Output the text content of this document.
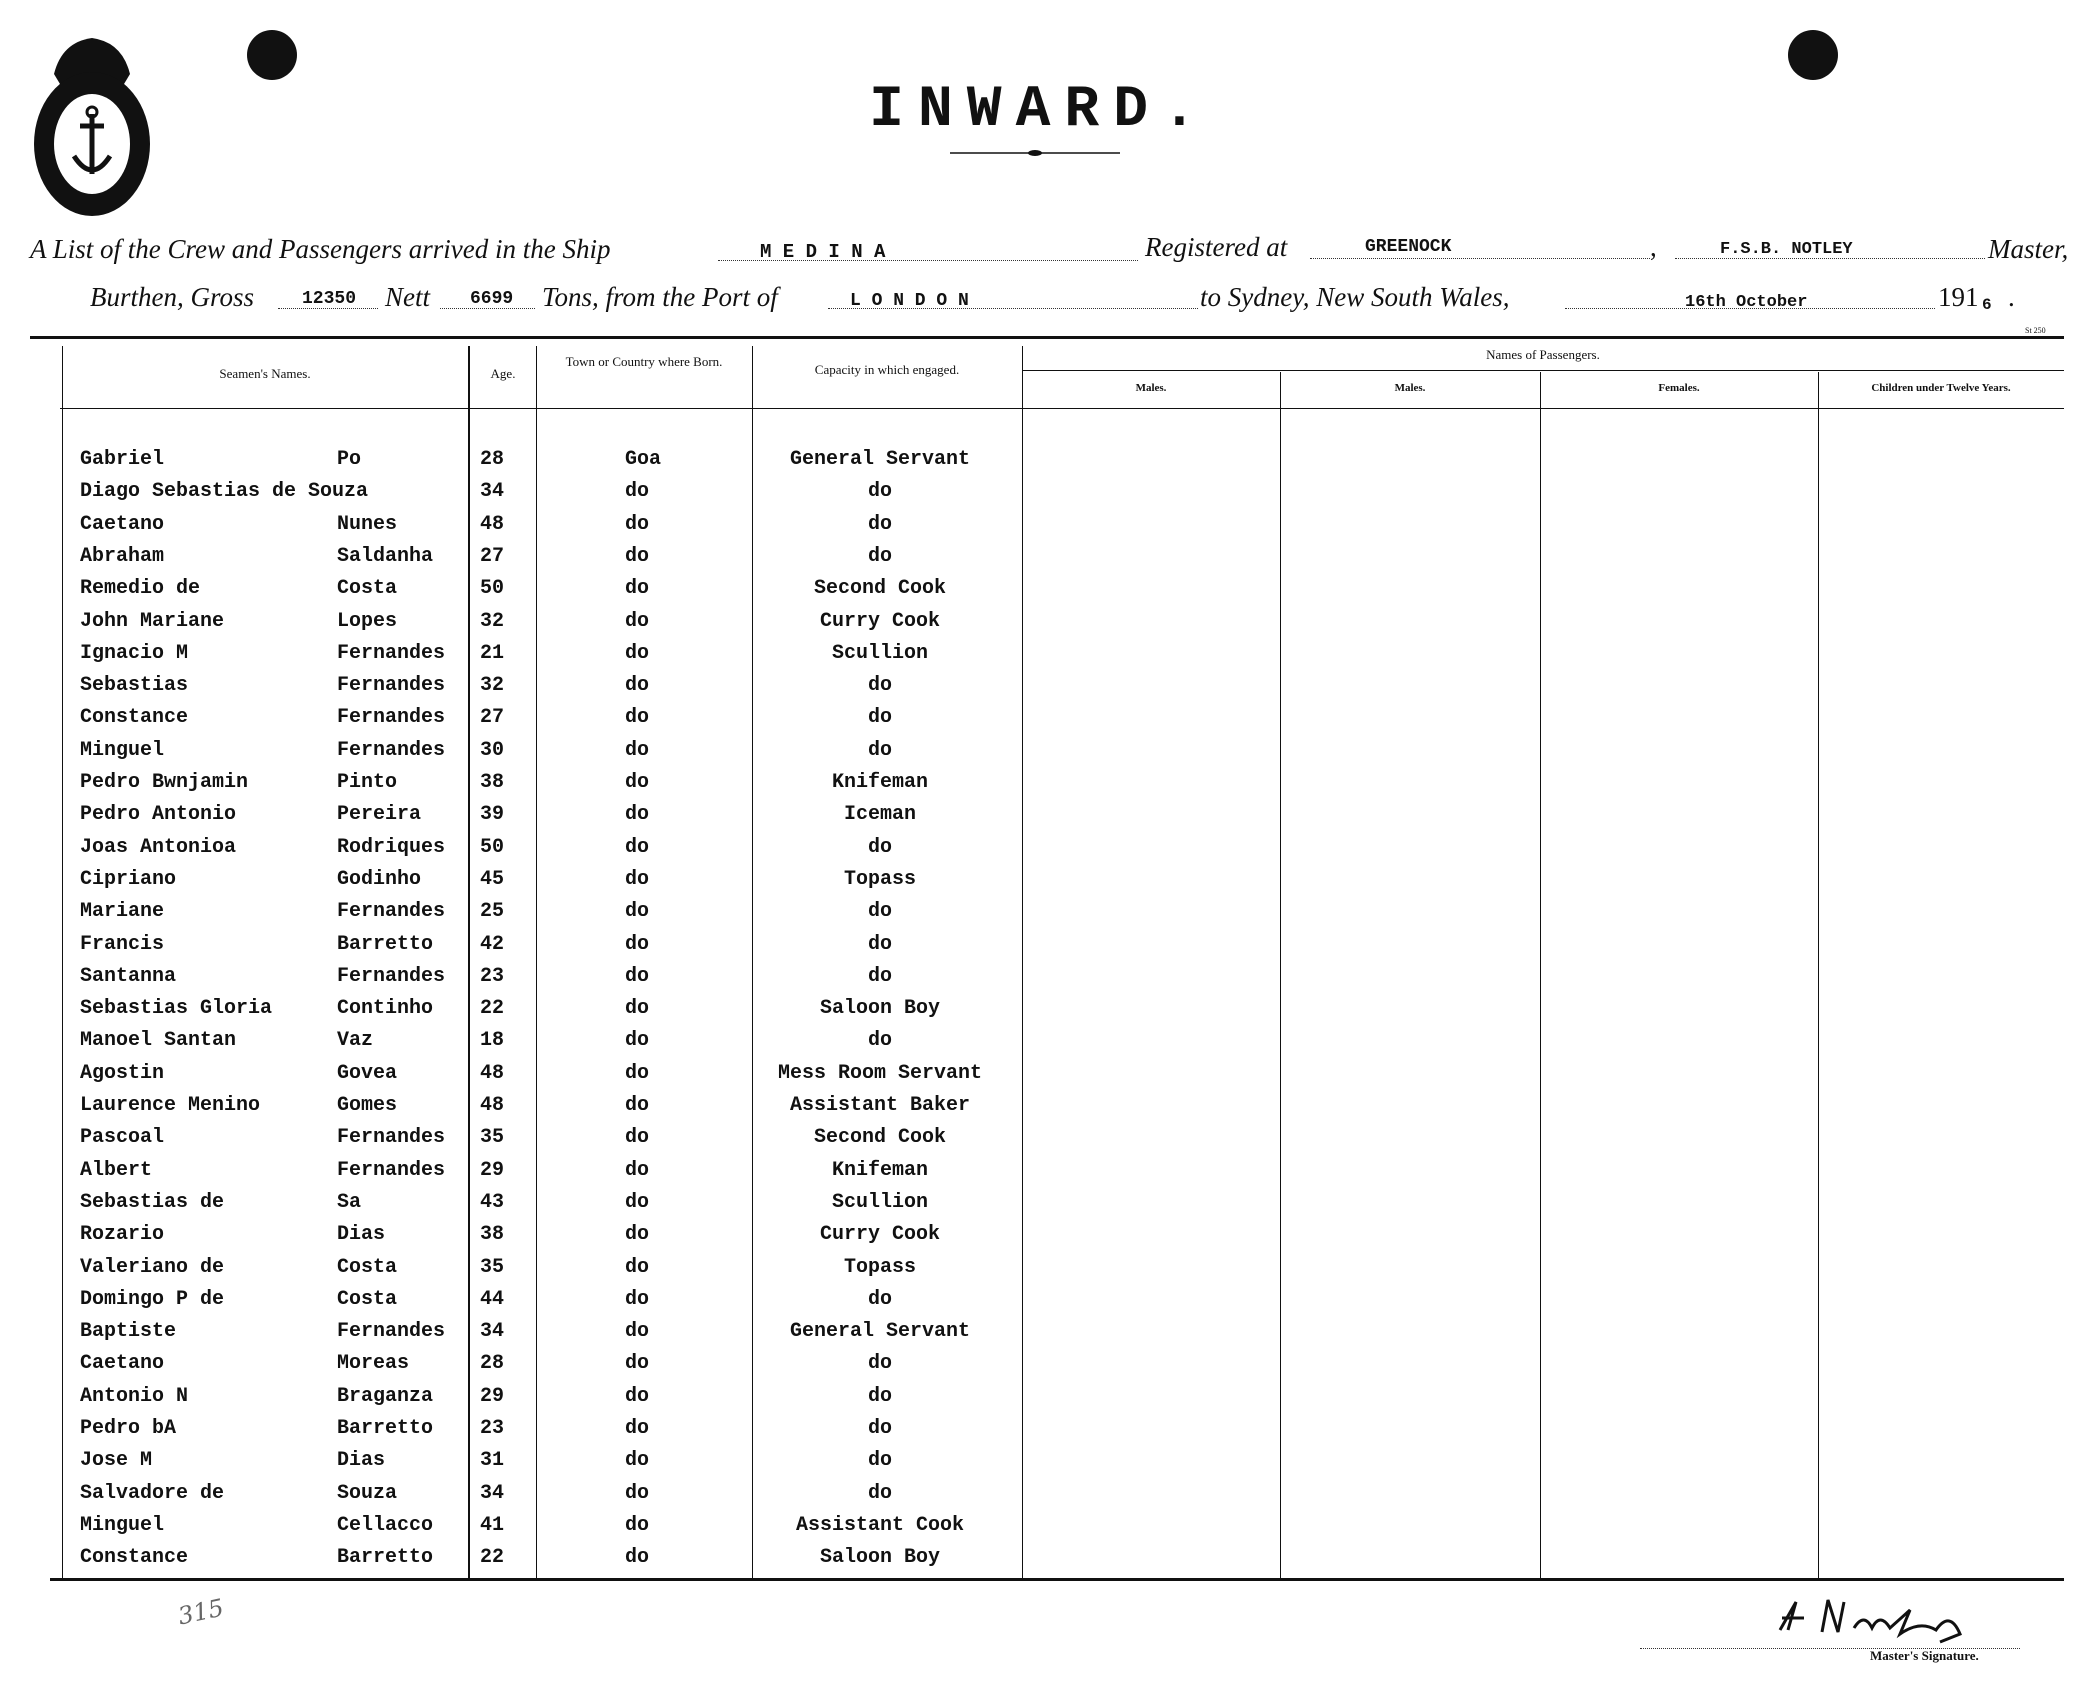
INWARD.
A List of the Crew and Passengers arrived in the Ship	M E D I N A	Registered at	GREENOCK	,	F.S.B. NOTLEY	Master,
Burthen, Gross	12350 Nett 6699 Tons, from the Port of	L O N D O N	to Sydney, New South Wales,	16th October	191 6 .
St 250
Seamen's Names.	Age.
Town or Country where Born.
Capacity in which engaged.
Names of Passengers.
Males.	Males.	Females.	Children under Twelve Years.
Gabriel	Po	28	Goa	General Servant
Diago Sebastias de Souza	34	do	do
Caetano	Nunes	48	do	do
Abraham	Saldanha 27	do	do
Remedio de	Costa	50	do	Second Cook
John Mariane	Lopes	32	do	Curry Cook
Ignacio M	Fernandes 21	do	Scullion
Sebastias	Fernandes 32	do	do
Constance	Fernandes 27	do	do
Minguel	Fernandes 30	do	do
Pedro Bwnjamin	Pinto	38	do	Knifeman
Pedro Antonio	Pereira	39	do	Iceman
Joas Antonioa	Rodriques 50	do	do
Cipriano	Godinho	45	do	Topass
Mariane	Fernandes 25	do	do
Francis	Barretto 42	do	do
Santanna	Fernandes 23	do	do
Sebastias Gloria	Continho 22	do	Saloon Boy
Manoel Santan	Vaz	18	do	do
Agostin	Govea	48	do	Mess Room Servant
Laurence Menino	Gomes	48	do	Assistant Baker
Pascoal	Fernandes 35	do	Second Cook
Albert	Fernandes 29	do	Knifeman
Sebastias de	Sa	43	do	Scullion
Rozario	Dias	38	do	Curry Cook
Valeriano de	Costa	35	do	Topass
Domingo P de	Costa	44	do	do
Baptiste	Fernandes 34	do	General Servant
Caetano	Moreas	28	do	do
Antonio N	Braganza 29	do	do
Pedro bA	Barretto 23	do	do
Jose M	Dias	31	do	do
Salvadore de	Souza	34	do	do
Minguel	Cellacco 41	do	Assistant Cook
Constance	Barretto 22	do	Saloon Boy
Master's Signature.
315
